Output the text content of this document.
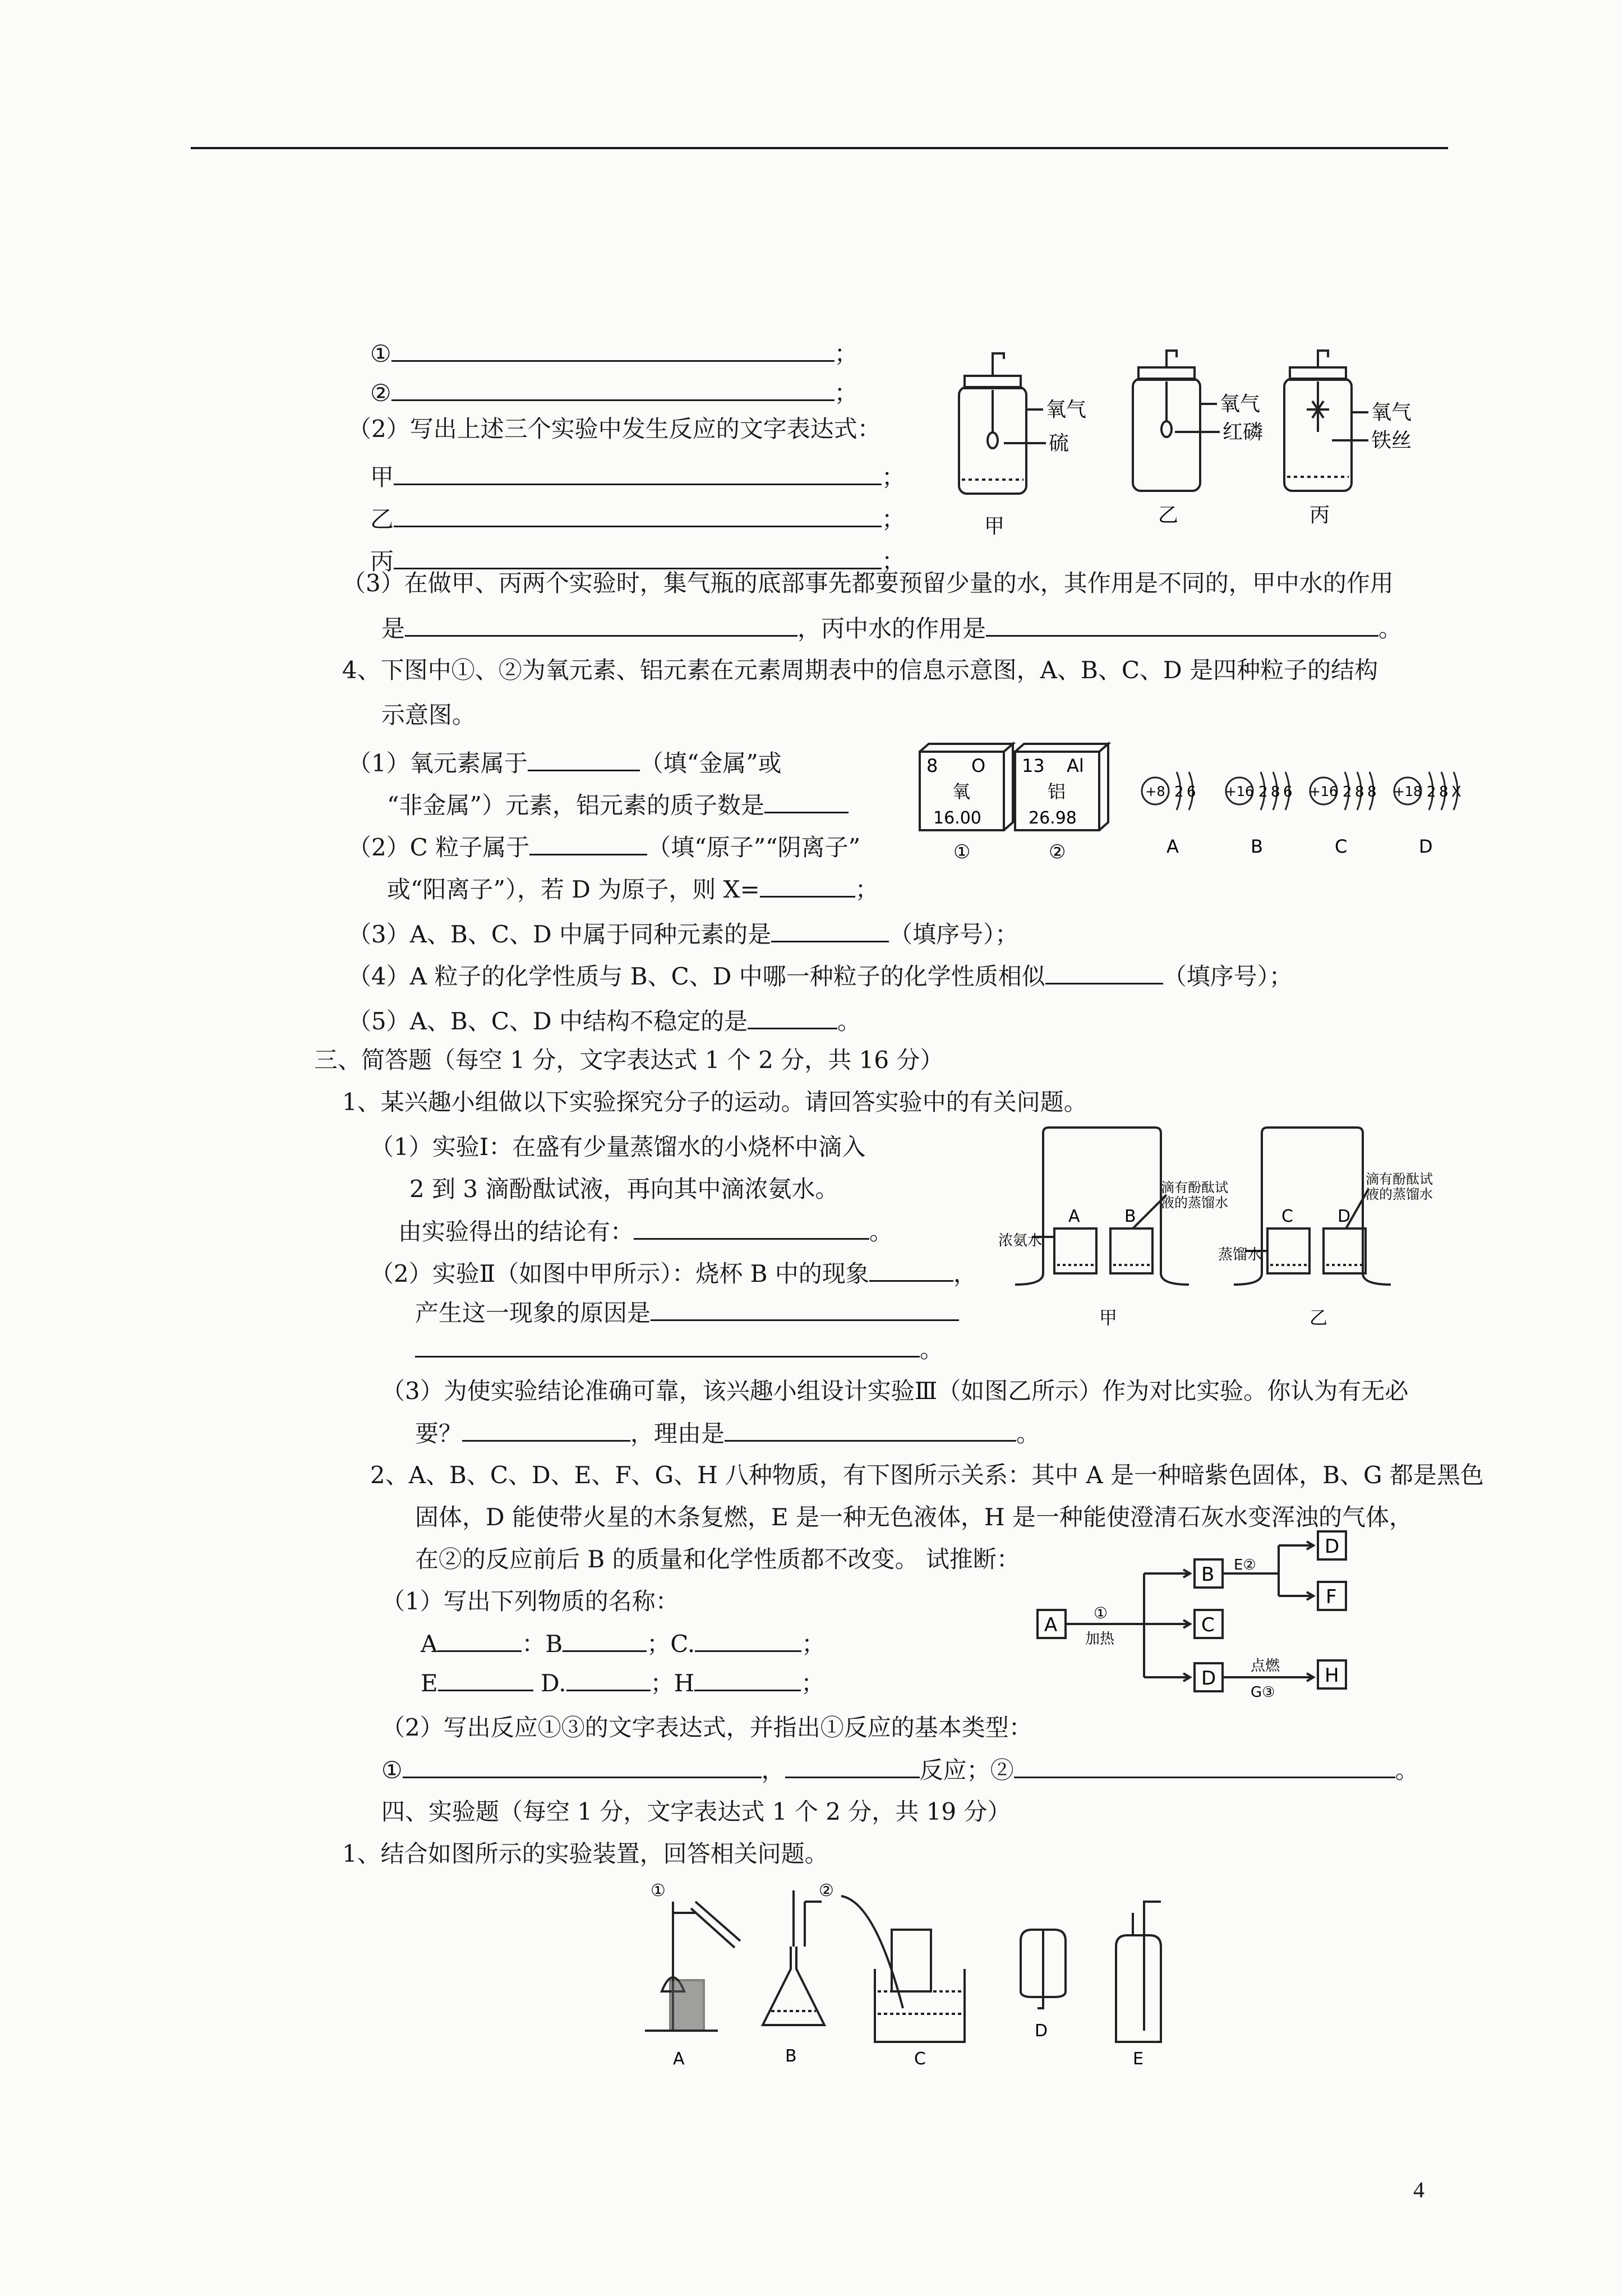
①	；
②	；
（2）写出上述三个实验中发生反应的文字表达式：
甲	；
乙	；
丙	；
氧气
硫
氧气
红磷
氧气
铁丝
甲	乙	丙
（3）在做甲、丙两个实验时，集气瓶的底部事先都要预留少量的水，其作用是不同的，甲中水的作用
是	，丙中水的作用是	。
4、下图中①、②为氧元素、铝元素在元素周期表中的信息示意图，A、B、C、D 是四种粒子的结构
示意图。
（1）氧元素属于	（填“金属”或
“非金属”）元素，铝元素的质子数是
（2）C 粒子属于	（填“原子”“阴离子”
或“阳离子”），若 D 为原子，则 X=	；
（3）A、B、C、D 中属于同种元素的是	（填序号）；
（4）A 粒子的化学性质与 B、C、D 中哪一种粒子的化学性质相似	（填序号）；
（5）A、B、C、D 中结构不稳定的是	。
8 O
氧
16.00
13 Al
铝
26.98
①	②
+8 2 6
A
+16 2 8 6
B
+16 2 8 8
C
+18 2 8 X
D
三、简答题（每空 1 分，文字表达式 1 个 2 分，共 16 分）
1、某兴趣小组做以下实验探究分子的运动。请回答实验中的有关问题。
（1）实验Ⅰ：在盛有少量蒸馏水的小烧杯中滴入
2 到 3 滴酚酞试液，再向其中滴浓氨水。
由实验得出的结论有：	。
（2）实验Ⅱ（如图中甲所示）：烧杯 B 中的现象	，
产生这一现象的原因是
。
A	B
浓氨水
滴有酚酞试
液的蒸馏水
甲
C	D
蒸馏水
滴有酚酞试
液的蒸馏水
乙
（3）为使实验结论准确可靠，该兴趣小组设计实验Ⅲ（如图乙所示）作为对比实验。你认为有无必
要？	，理由是	。
2、A、B、C、D、E、F、G、H 八种物质，有下图所示关系：其中 A 是一种暗紫色固体，B、G 都是黑色
固体，D 能使带火星的木条复燃，E 是一种无色液体，H 是一种能使澄清石灰水变浑浊的气体，
在②的反应前后 B 的质量和化学性质都不改变。 试推断：
（1）写出下列物质的名称：
A	：B	；C.	；
E	D.	；H	；
A
B
C
D
D
F
H
①
加热
E②
点燃
G③
（2）写出反应①③的文字表达式，并指出①反应的基本类型：
①	，	反应；②	。
四、实验题（每空 1 分，文字表达式 1 个 2 分，共 19 分）
1、结合如图所示的实验装置，回答相关问题。
A	B	C
D
E
①	②
4
